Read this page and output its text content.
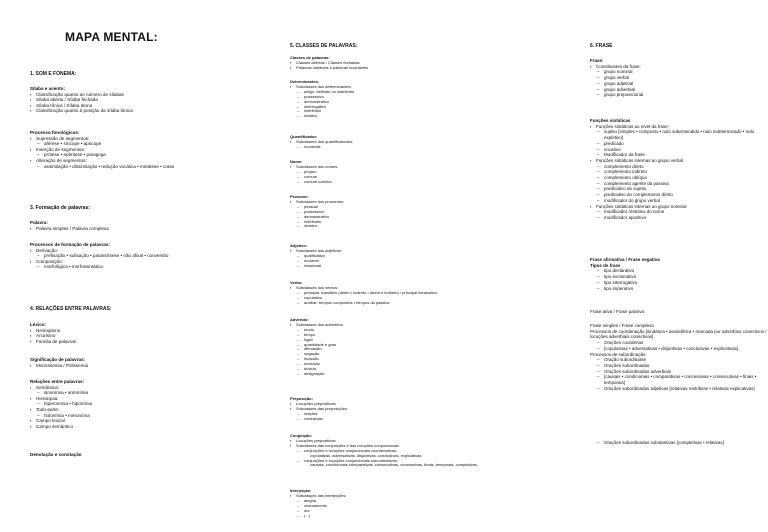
MAPA MENTAL:
1. SOM E FONEMA:
Sílaba e acento:
▪ Classificação quanto ao número de sílabas
▪ Sílaba aberta / Sílaba fechada
▪ Sílaba tônica / Sílaba átona
▪ Classificação quanto à posição da sílaba tônica
Processo fonológicos:
▪ Supressão de segmentos:
– aférese • síncope • apócope
▪ Inserção de segmentos:
– prótese • epêntese • paragoge
▪ Alteração de segmentos:
– assimilação • dissimilação • redução vocálica • metátese • crase
3. Formação de palavras:
Palavra:
▪ Palavra simples / Palavra complexa
Processos de formação de palavras:
▪ Derivação:
– prefixação • sufixação • parassíntese • não afixal • conversão
▪ Composição:
– morfológica • morfossintática
4. RELAÇÕES ENTRE PALAVRAS:
Léxico:
▪ Neologismo
▪ Arcaísmo
▪ Família de palavras
Significação de palavras:
▪ Monossemia / Polissemia
Relações entre palavras:
▪ Semântica:
– sinonímia • antonímia
▪ Hierarquia:
– hiperonímia • hiponímia
▪ Todo-parte:
– holonímia • meronímia
▪ Campo lexical
▪ Campo semântico
Denotação e conotação
5. CLASSES DE PALAVRAS:
Classes de palavras:
▪ Classes abertas / Classes fechadas
▪ Palavras variáveis e palavras invariáveis
Determinantes:
▪ Subclasses dos determinantes:
– artigo: definido ou indefinido
– possessivo
– demonstrativo
– interrogativo
– indefinido
– relativo
Quantificador:
▪ Subclasses dos quantificadores:
– numerais
Nome:
▪ Subclasses dos nomes:
– próprio
– comum
– comum coletivo
Pronome:
▪ Subclasses dos pronomes:
– pessoal
– possessivo
– demonstrativo
– indefinido
– relativo
Adjetivo:
▪ Subclasses dos adjetivos:
– qualificativo
– numeral
– relacional
Verbo:
▪ Subclasses dos verbos:
– principal: transitivo (direto • indireto • direto e indireto) / principal intransitivo
– copulativo
– auxiliar: tempos compostos • tempos da passiva
Advérbio:
▪ Subclasses dos advérbios:
– modo
– tempo
– lugar
– quantidade e grau
– afirmação
– negação
– inclusão
– exclusão
– dúvida
– designação
Preposição:
▪ Locuções prepositivas
▪ Subclasses das preposições:
– simples
– contraídas
Conjunção:
▪ Locuções prepositivas
▪ Subclasses das conjunções e das locuções conjuncionais:
– conjunções e locuções conjuncionais coordenativas:
copulativas, adversativas, disjuntivas, conclusivas, explicativas
– conjunções e locuções conjuncionais subordinativas:
causais, condicionais comparativas, consecutivas, concessivas, finais, temporais, completivas,
Interjeição:
▪ Subclasses das interjeições:
– alegria
– chamamento
– dor
– (...)
6. FRASE
Frase:
▪ Constituintes da frase:
– grupo nominal
– grupo verbal
– grupo adjetival
– grupo adverbial
– grupo preposicional
Funções sintáticas
▪ Funções sintáticas ao nível da frase:
– sujeito [simples • composto • nulo subentendido • nulo indeterminado • nulo expletivo]
– predicado
– vocativo
– Modificador da frase
▪ Funções sintáticas internas ao grupo verbal
– complemento direto
– complemento indireto
– complemento oblíquo
– complemento agente da passiva
– predicativo do sujeito
– predicativo do complemento direto
– modificador do grupo verbal
▪ Funções sintáticas internas ao grupo nominal
– modificador restritivo do nome
– modificador apositivo
Frase afirmativa / Frase negativa
Tipos de frase
– tipo declarativo
– tipo exclamativo
– tipo interrogativo
– tipo imperativo
Frase ativa / Frase passiva
Frase simples / Frase complexa
Processos de coordenação [sindética • assindética • marcada por advérbios conectivos / locuções adverbiais conectivas]
– Orações coordenas
– [copulativas • adversativas • disjuntivas • conclusivas • explicativas]
Processos de subordinação
– Oração subordinante
– Orações subordinadas
– Orações subordinadas adverbiais
– [causais • condicionais • comparativas • concessivas • consecutivas • finais • temporais]
– Orações subordinadas adjetivas [relativas restritivas • relativas explicativas]
– Orações subordinadas substantivas [completivas • relativas]
